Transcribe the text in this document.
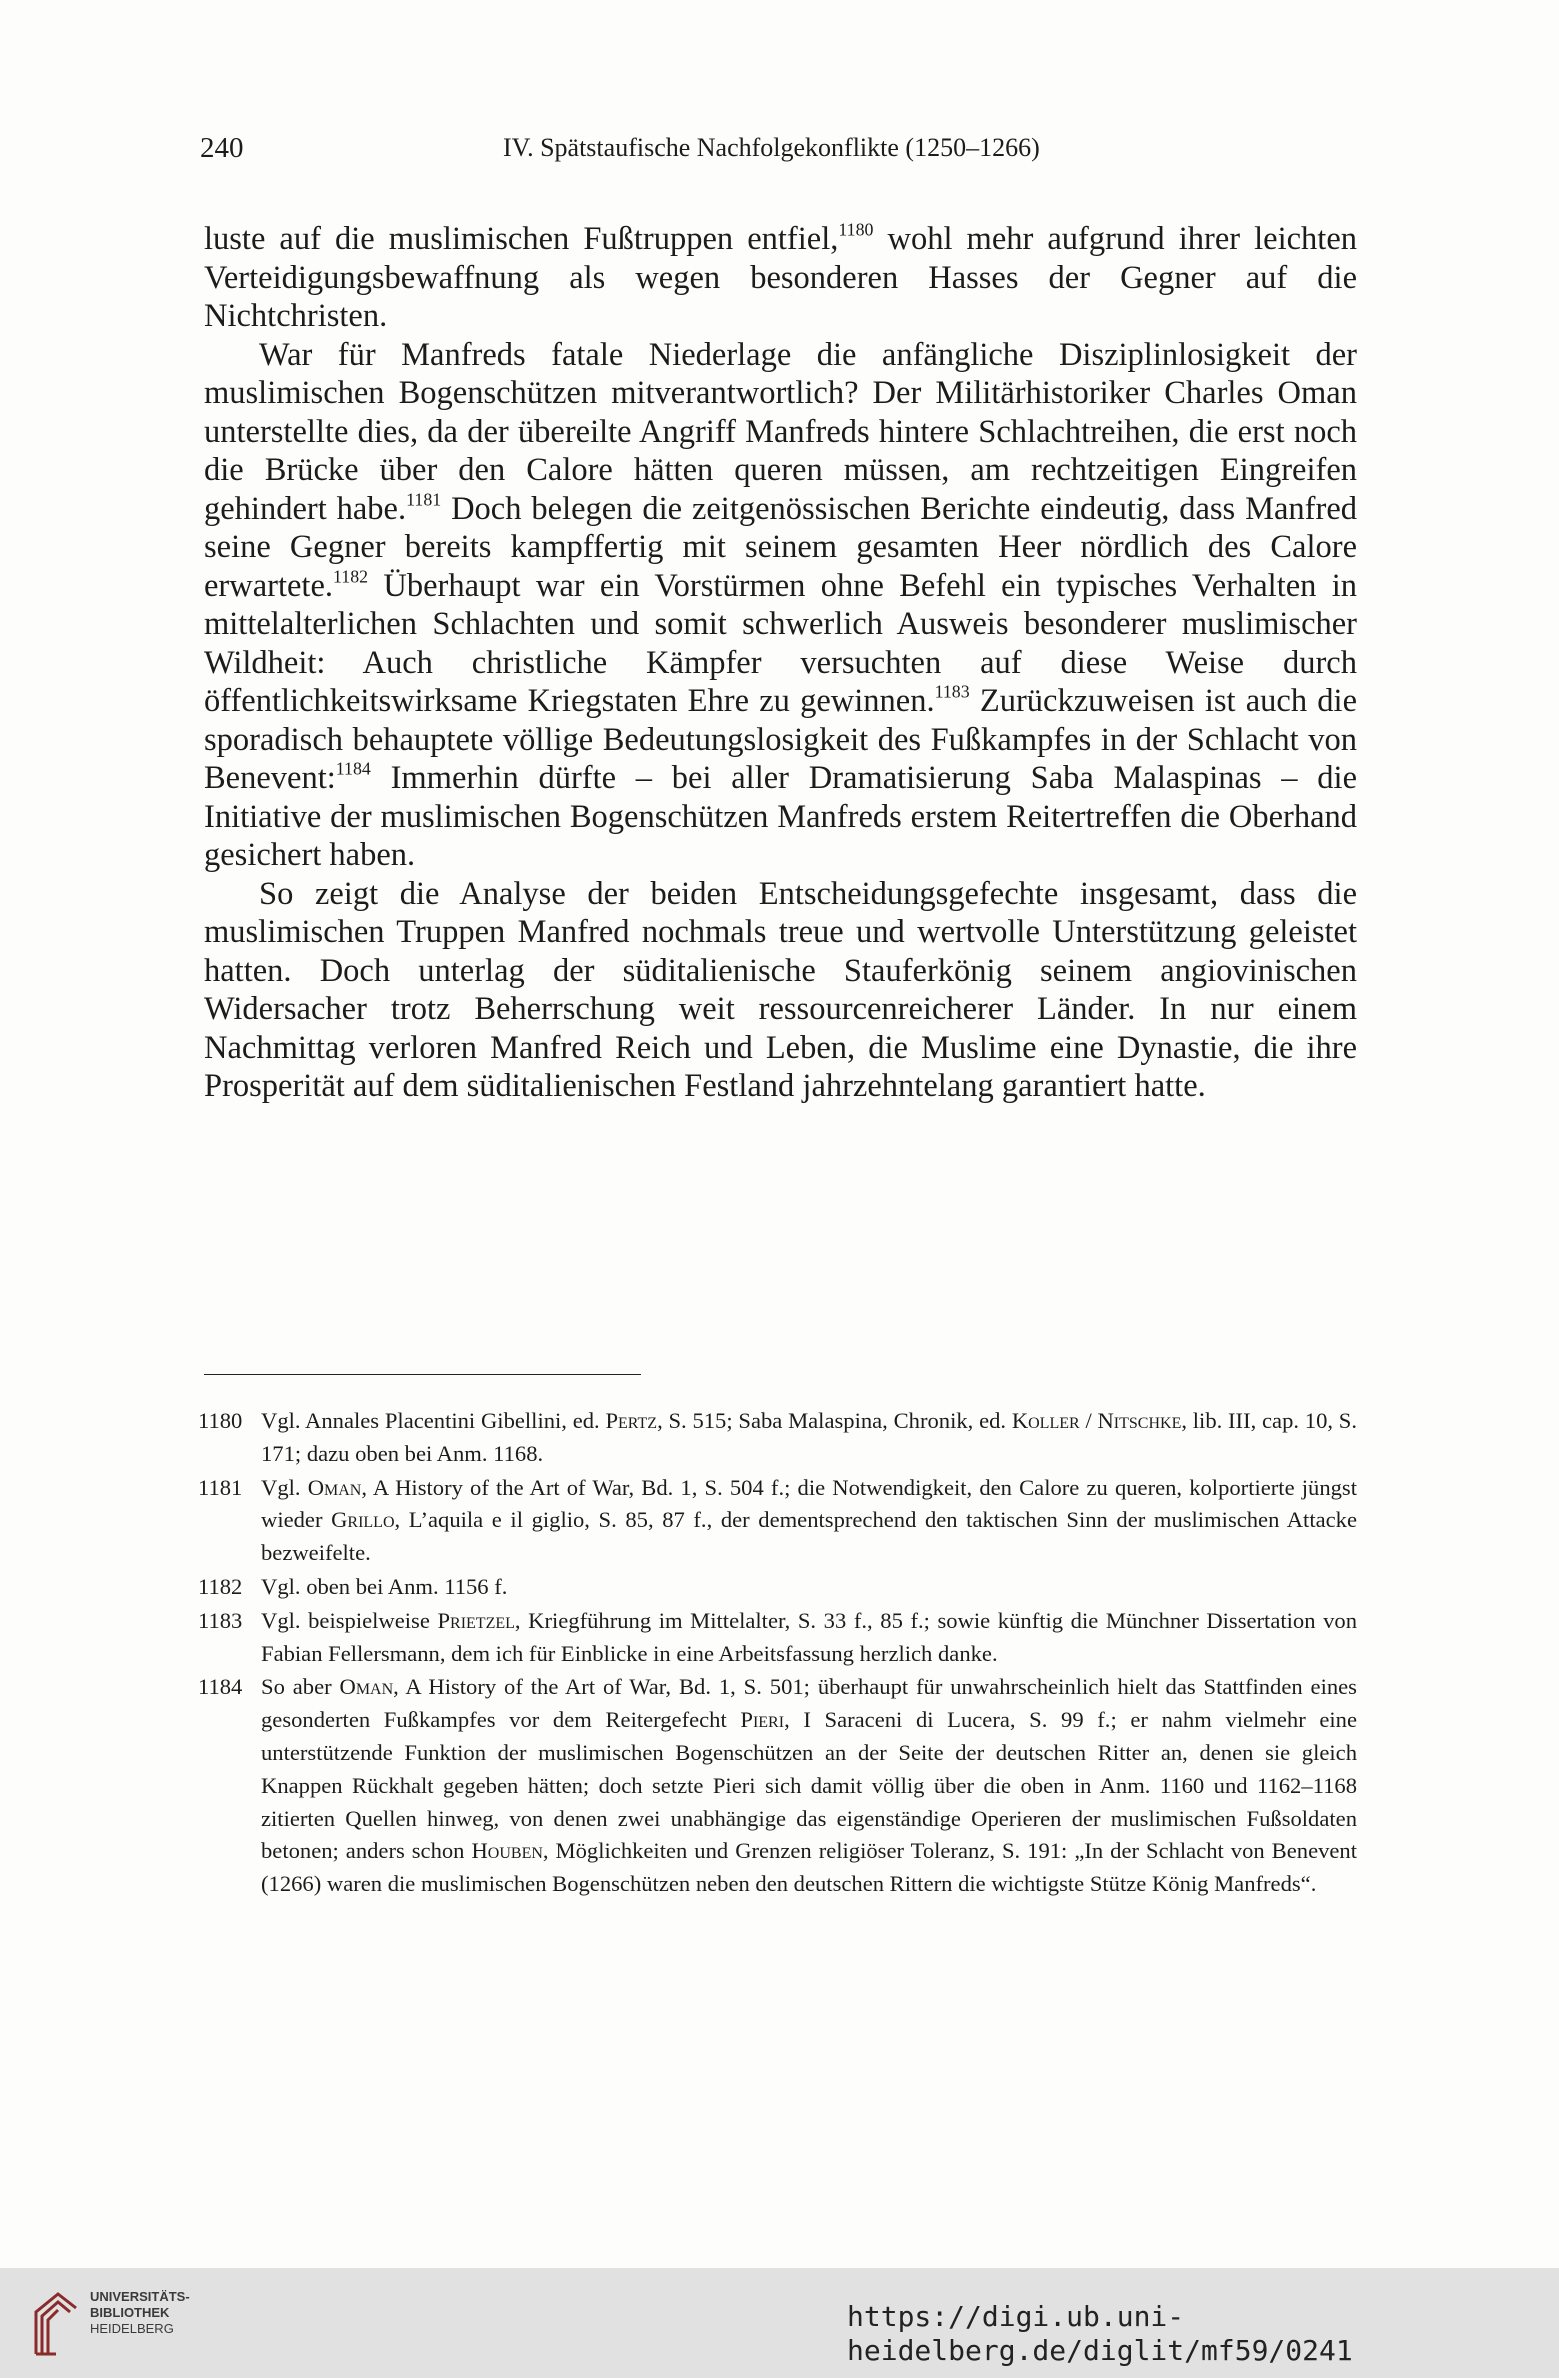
240	IV. Spätstaufische Nachfolgekonflikte (1250–1266)

luste auf die muslimischen Fußtruppen entfiel,$^{1180}$ wohl mehr aufgrund ihrer leichten Verteidigungsbewaffnung als wegen besonderen Hasses der Gegner auf die Nichtchristen.

War für Manfreds fatale Niederlage die anfängliche Disziplinlosigkeit der muslimischen Bogenschützen mitverantwortlich? Der Militärhistoriker Charles Oman unterstellte dies, da der übereilte Angriff Manfreds hintere Schlachtreihen, die erst noch die Brücke über den Calore hätten queren müssen, am rechtzeitigen Eingreifen gehindert habe.$^{1181}$ Doch belegen die zeitgenössischen Berichte eindeutig, dass Manfred seine Gegner bereits kampffertig mit seinem gesamten Heer nördlich des Calore erwartete.$^{1182}$ Überhaupt war ein Vorstürmen ohne Befehl ein typisches Verhalten in mittelalterlichen Schlachten und somit schwerlich Ausweis besonderer muslimischer Wildheit: Auch christliche Kämpfer versuchten auf diese Weise durch öffentlichkeitswirksame Kriegstaten Ehre zu gewinnen.$^{1183}$ Zurückzuweisen ist auch die sporadisch behauptete völlige Bedeutungslosigkeit des Fußkampfes in der Schlacht von Benevent:$^{1184}$ Immerhin dürfte – bei aller Dramatisierung Saba Malaspinas – die Initiative der muslimischen Bogenschützen Manfreds erstem Reitertreffen die Oberhand gesichert haben.

So zeigt die Analyse der beiden Entscheidungsgefechte insgesamt, dass die muslimischen Truppen Manfred nochmals treue und wertvolle Unterstützung geleistet hatten. Doch unterlag der süditalienische Stauferkönig seinem angiovinischen Widersacher trotz Beherrschung weit ressourcenreicherer Länder. In nur einem Nachmittag verloren Manfred Reich und Leben, die Muslime eine Dynastie, die ihre Prosperität auf dem süditalienischen Festland jahrzehntelang garantiert hatte.

1180 Vgl. Annales Placentini Gibellini, ed. Pertz, S. 515; Saba Malaspina, Chronik, ed. Koller / Nitschke, lib. III, cap. 10, S. 171; dazu oben bei Anm. 1168.
1181 Vgl. Oman, A History of the Art of War, Bd. 1, S. 504 f.; die Notwendigkeit, den Calore zu queren, kolportierte jüngst wieder Grillo, L’aquila e il giglio, S. 85, 87 f., der dementsprechend den taktischen Sinn der muslimischen Attacke bezweifelte.
1182 Vgl. oben bei Anm. 1156 f.
1183 Vgl. beispielweise Prietzel, Kriegführung im Mittelalter, S. 33 f., 85 f.; sowie künftig die Münchner Dissertation von Fabian Fellersmann, dem ich für Einblicke in eine Arbeitsfassung herzlich danke.
1184 So aber Oman, A History of the Art of War, Bd. 1, S. 501; überhaupt für unwahrscheinlich hielt das Stattfinden eines gesonderten Fußkampfes vor dem Reitergefecht Pieri, I Saraceni di Lucera, S. 99 f.; er nahm vielmehr eine unterstützende Funktion der muslimischen Bogenschützen an der Seite der deutschen Ritter an, denen sie gleich Knappen Rückhalt gegeben hätten; doch setzte Pieri sich damit völlig über die oben in Anm. 1160 und 1162–1168 zitierten Quellen hinweg, von denen zwei unabhängige das eigenständige Operieren der muslimischen Fußsoldaten betonen; anders schon Houben, Möglichkeiten und Grenzen religiöser Toleranz, S. 191: „In der Schlacht von Benevent (1266) waren die muslimischen Bogenschützen neben den deutschen Rittern die wichtigste Stütze König Manfreds“.
UNIVERSITÄTS-
BIBLIOTHEK
HEIDELBERG	https://digi.ub.uni-heidelberg.de/diglit/mf59/0241
